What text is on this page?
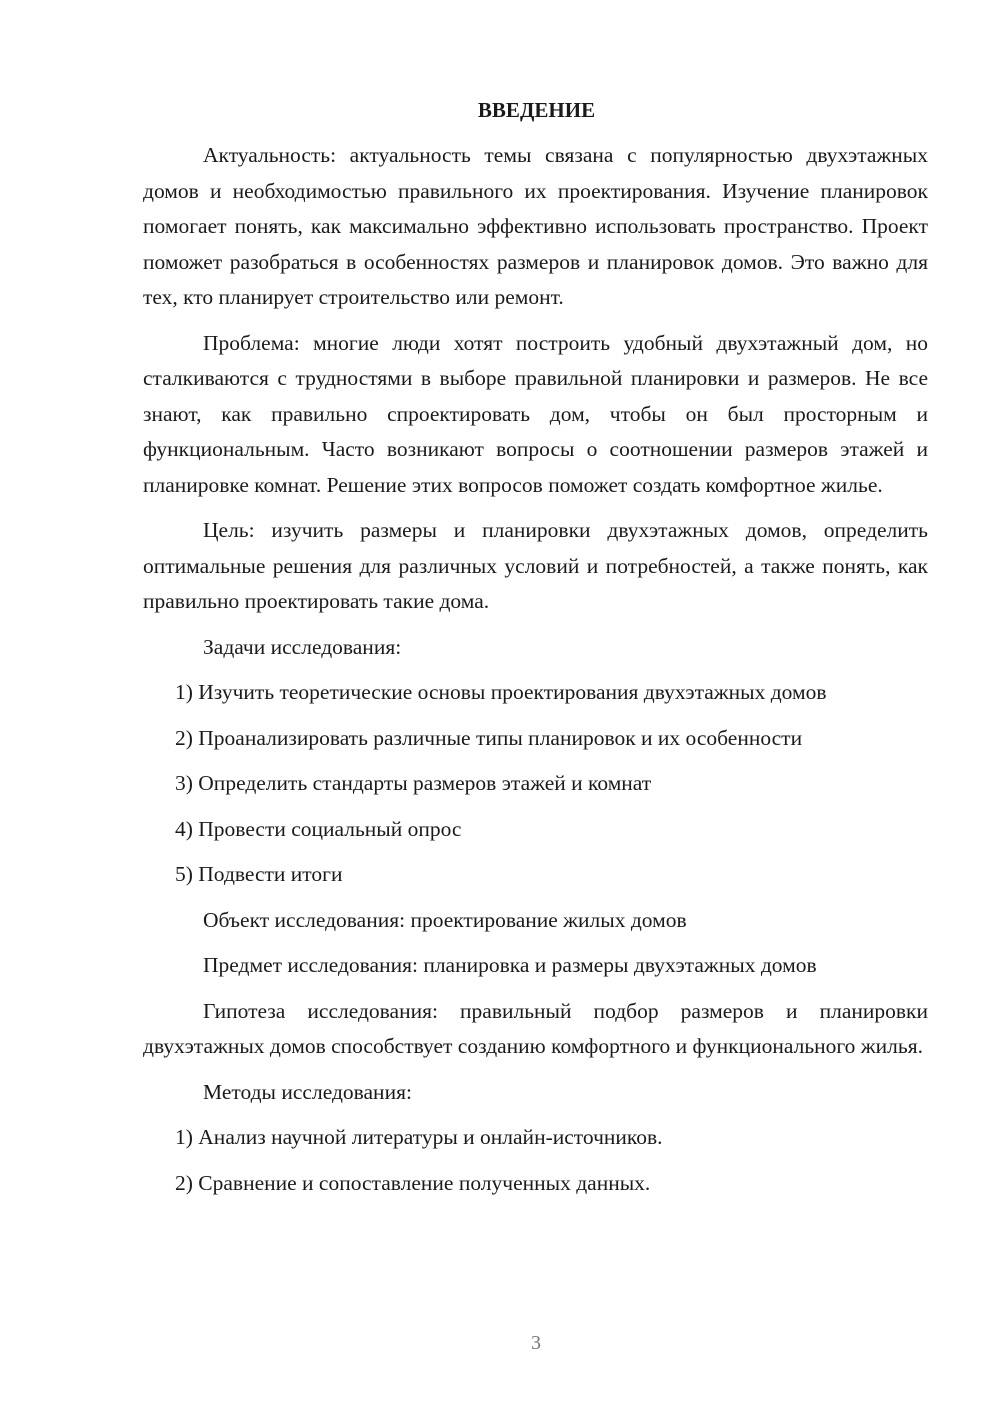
ВВЕДЕНИЕ

Актуальность: актуальность темы связана с популярностью двухэтажных домов и необходимостью правильного их проектирования. Изучение планировок помогает понять, как максимально эффективно использовать пространство. Проект поможет разобраться в особенностях размеров и планировок домов. Это важно для тех, кто планирует строительство или ремонт.

Проблема: многие люди хотят построить удобный двухэтажный дом, но сталкиваются с трудностями в выборе правильной планировки и размеров. Не все знают, как правильно спроектировать дом, чтобы он был просторным и функциональным. Часто возникают вопросы о соотношении размеров этажей и планировке комнат. Решение этих вопросов поможет создать комфортное жилье.

Цель: изучить размеры и планировки двухэтажных домов, определить оптимальные решения для различных условий и потребностей, а также понять, как правильно проектировать такие дома.

Задачи исследования:
1) Изучить теоретические основы проектирования двухэтажных домов
2) Проанализировать различные типы планировок и их особенности
3) Определить стандарты размеров этажей и комнат
4) Провести социальный опрос
5) Подвести итоги
Объект исследования: проектирование жилых домов
Предмет исследования: планировка и размеры двухэтажных домов

Гипотеза исследования: правильный подбор размеров и планировки двухэтажных домов способствует созданию комфортного и функционального жилья.

Методы исследования:
1) Анализ научной литературы и онлайн-источников.
2) Сравнение и сопоставление полученных данных.
3
